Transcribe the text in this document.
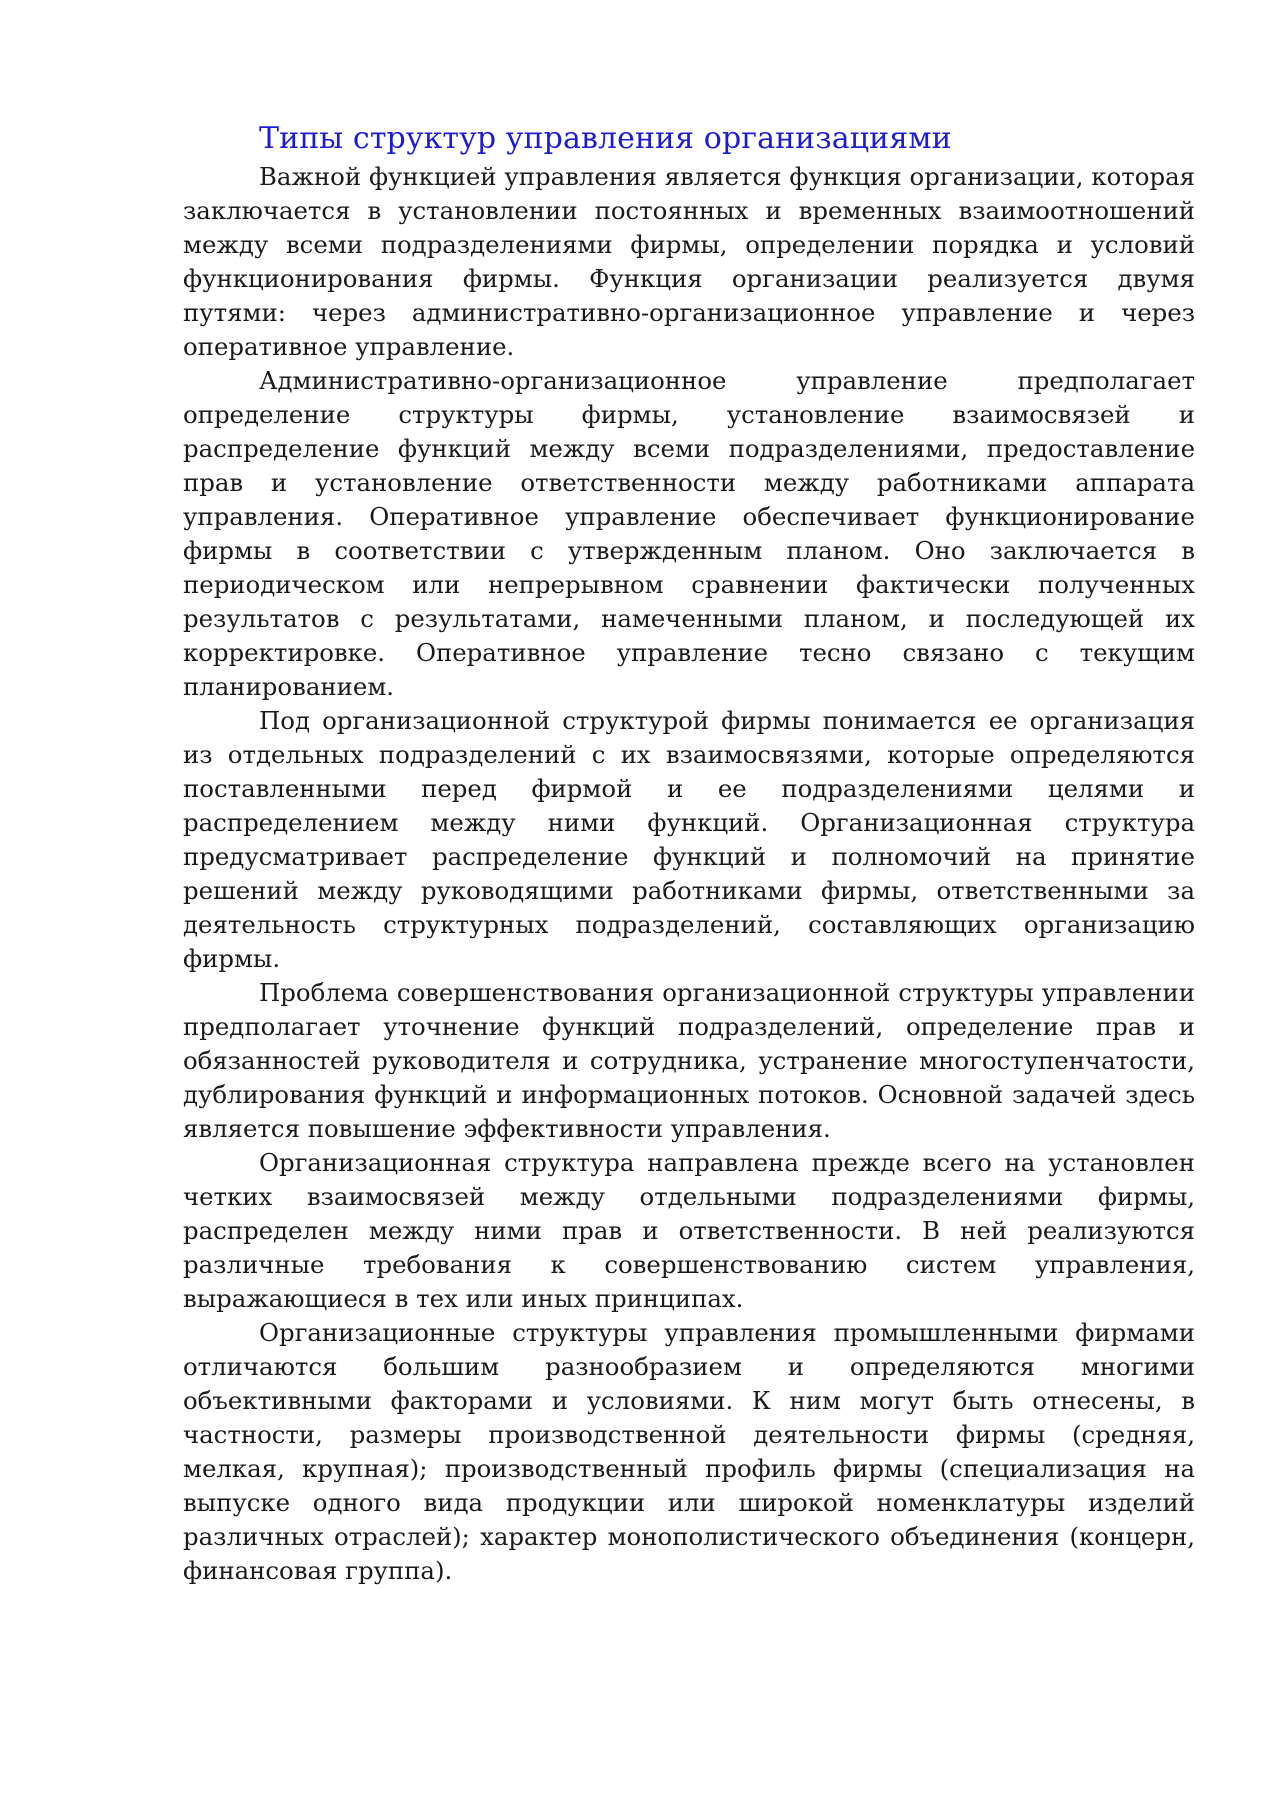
Типы структур управления организациями

Важной функцией управления является функция организации, которая заключается в установлении постоянных и временных взаимоотношений между всеми подразделениями фирмы, определении порядка и условий функционирования фирмы. Функция организации реализуется двумя путями: через административно-организационное управление и через оперативное управление.

Административно-организационное управление предполагает определение структуры фирмы, установление взаимосвязей и распределение функций между всеми подразделениями, предоставление прав и установление ответственности между работниками аппарата управления. Оперативное управление обеспечивает функционирование фирмы в соответствии с утвержденным планом. Оно заключается в периодическом или непрерывном сравнении фактически полученных результатов с результатами, намеченными планом, и последующей их корректировке. Оперативное управление тесно связано с текущим планированием.

Под организационной структурой фирмы понимается ее организация из отдельных подразделений с их взаимосвязями, которые определяются поставленными перед фирмой и ее подразделениями целями и распределением между ними функций. Организационная структура предусматривает распределение функций и полномочий на принятие решений между руководящими работниками фирмы, ответственными за деятельность структурных подразделений, составляющих организацию фирмы.

Проблема совершенствования организационной структуры управлении предполагает уточнение функций подразделений, определение прав и обязанностей руководителя и сотрудника, устранение многоступенчатости, дублирования функций и информационных потоков. Основной задачей здесь является повышение эффективности управления.

Организационная структура направлена прежде всего на установлен четких взаимосвязей между отдельными подразделениями фирмы, распределен между ними прав и ответственности. В ней реализуются различные требования к совершенствованию систем управления, выражающиеся в тех или иных принципах.

Организационные структуры управления промышленными фирмами отличаются большим разнообразием и определяются многими объективными факторами и условиями. К ним могут быть отнесены, в частности, размеры производственной деятельности фирмы (средняя, мелкая, крупная); производственный профиль фирмы (специализация на выпуске одного вида продукции или широкой номенклатуры изделий различных отраслей); характер монополистического объединения (концерн, финансовая группа).
